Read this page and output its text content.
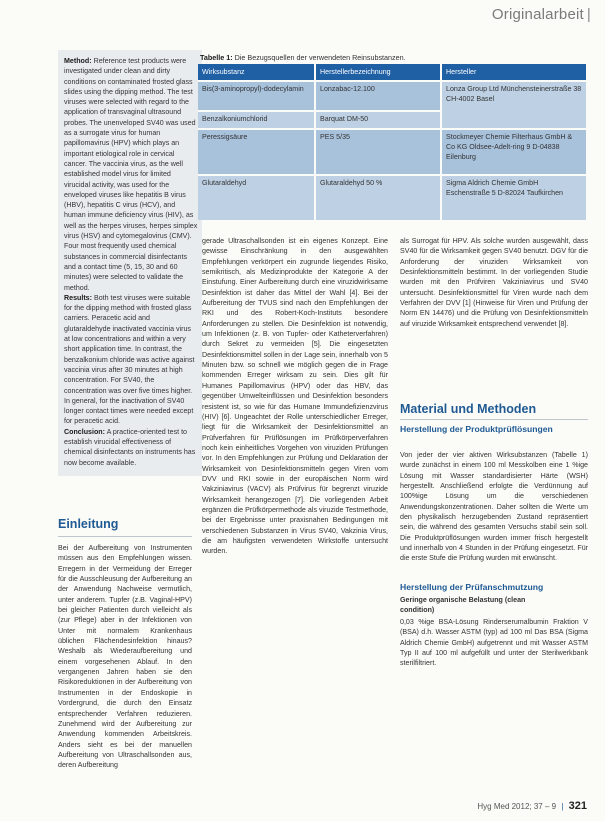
Originalarbeit |

Method: Reference test products were investigated under clean and dirty conditions on contaminated frosted glass slides using the dipping method. The test viruses were selected with regard to the application of transvaginal ultrasound probes. The unenveloped SV40 was used as a surrogate virus for human papillomavirus (HPV) which plays an important etiological role in cervical cancer. The vaccinia virus, as the well established model virus for limited virucidal activity, was used for the enveloped viruses like hepatitis B virus (HBV), hepatitis C virus (HCV), and human immune deficiency virus (HIV), as well as the herpes viruses, herpes simplex virus (HSV) and cytomegalovirus (CMV). Four most frequently used chemical substances in commercial disinfectants and a contact time (5, 15, 30 and 60 minutes) were selected to validate the method.

Results: Both test viruses were suitable for the dipping method with frosted glass carriers. Peracetic acid and glutaraldehyde inactivated vaccinia virus at low concentrations and within a very short application time. In contrast, the benzalkonium chloride was active against vaccinia virus after 30 minutes at high concentration. For SV40, the concentration was over five times higher. In general, for the inactivation of SV40 longer contact times were needed except for peracetic acid.

Conclusion: A practice-oriented test to establish virucidal effectiveness of chemical disinfectants on instruments has now become available.

Einleitung
Bei der Aufbereitung von Instrumenten müssen aus den Empfehlungen wissen. Erregern in der Vermeidung der Erreger für die Ausschleusung der Aufbereitung an der Anwendung Nachweise vermutlich, unter anderem. Tupfer (z.B. Vaginal-HPV) bei gleicher Patienten durch vielleicht als (zur Pflege) aber in der Infektionen von Unter mit normalem Krankenhaus üblichen Flächendesinfektion hinaus? Weshalb als Wiederaufbereitung und einem vorgesehenen Ablauf. In den vergangenen Jahren haben sie den Risikoreduktionen in der Aufbereitung von Instrumenten in der Endoskopie in Vordergrund, die durch den Einsatz entsprechender Verfahren reduzieren. Zunehmend wird der Aufbereitung zur Anwendung kommenden Arbeitskreis. Anders sieht es bei der manuellen Aufbereitung von Ultraschallsonden aus, deren Aufbereitung
Tabelle 1: Die Bezugsquellen der verwendeten Reinsubstanzen.
Wirksubstanz	Herstellerbezeichnung	Hersteller
Bis(3-aminopropyl)-dodecylamin	Lonzabac-12.100	Lonza Group Ltd Münchensteinerstraße 38 CH-4002 Basel
Benzalkoniumchlorid	Barquat DM-50	
Peressigsäure	PES 5/35	Stockmeyer Chemie Filterhaus GmbH & Co KG Oldsee-Adelt-ring 9 D-04838 Eilenburg
Glutaraldehyd	Glutaraldehyd 50 %	Sigma Aldrich Chemie GmbH Eschenstraße 5 D-82024 Taufkirchen
gerade Ultraschallsonden ist ein eigenes Konzept. Eine gewisse Einschränkung in den ausgewählten Empfehlungen verkörpert ein zugrunde liegendes Risiko, semikritisch, als Medizinprodukte der Kategorie A der Einstufung. Einer Aufbereitung durch eine viruzidwirksame Desinfektion ist daher das Mittel der Wahl [4]. Bei der Aufbereitung der TVUS sind nach den Empfehlungen der RKI und des Robert-Koch-Instituts besondere Anforderungen zu stellen. Die Desinfektion ist notwendig, um Infektionen (z. B. von Tupfer- oder Katheterverfahren) durch Sekret zu vermeiden [5]. Die eingesetzten Desinfektionsmittel sollen in der Lage sein, innerhalb von 5 Minuten bzw. so schnell wie möglich gegen die in Frage kommenden Erreger wirksam zu sein. Dies gilt für Humanes Papillomavirus (HPV) oder das HBV, das gegenüber Umwelteinflüssen und Desinfektion besonders resistent ist, so wie für das Humane Immundefizienzvirus (HIV) [6]. Ungeachtet der Rolle unterschiedlicher Erreger, liegt für die Wirksamkeit der Desinfektionsmittel an Prüfverfahren für Prüflösungen im Prüfkörperverfahren noch kein einheitliches Vorgehen von viruziden Prüfungen vor. In den Empfehlungen zur Prüfung und Deklaration der Wirksamkeit von Desinfektionsmitteln gegen Viren vom DVV und RKI sowie in der europäischen Norm wird Vakziniavirus (VACV) als Prüfvirus für begrenzt viruzide Wirksamkeit herangezogen [7]. Die vorliegenden Arbeit ergänzen die Prüfkörpermethode als viruzide Testmethode, bei der Ergebnisse unter praxisnahen Bedingungen mit verschiedenen Substanzen in Virus SV40, Vakzinia Virus, die am häufigsten verwendeten Wirkstoffe untersucht wurden.
als Surrogat für HPV. Als solche wurden ausgewählt, dass SV40 für die Wirksamkeit gegen SV40 benutzt. DGV für die Anforderung der viruziden Wirksamkeit von Desinfektionsmitteln bestimmt. In der vorliegenden Studie wurden mit den Prüfviren Vakziniavirus und SV40 untersucht. Desinfektionsmittel für Viren wurde nach dem Verfahren der DVV [1] (Hinweise für Viren und Prüfung der Norm EN 14476) und die Prüfung von Desinfektionsmitteln auf viruzide Wirksamkeit entsprechend verwendet [8].
Material und Methoden
Herstellung der Produktprüflösungen
Von jeder der vier aktiven Wirksubstanzen (Tabelle 1) wurde zunächst in einem 100 ml Messkolben eine 1 %ige Lösung mit Wasser standardisierter Härte (WSH) hergestellt. Anschließend erfolgte die Verdünnung auf 100%ige Lösung um die verschiedenen Anwendungskonzentrationen. Daher sollten die Werte um den physikalisch herzugebenden Zustand repräsentiert sein, die während des gesamten Versuchs stabil sein soll. Die Produktprüflösungen wurden immer frisch hergestellt und innerhalb von 4 Stunden in der Prüfung eingesetzt. Für die erste Stufe die Prüfung wurden mit erwünscht.
Herstellung der Prüfanschmutzung
Geringe organische Belastung (clean condition)
0,03 %ige BSA-Lösung Rinderserumalbumin Fraktion V (BSA) d.h. Wasser ASTM (typ) ad 100 ml Das BSA (Sigma Aldrich Chemie GmbH) aufgetrennt und mit Wasser ASTM Typ II auf 100 ml aufgefüllt und unter der Sterilwerkbank sterilfiltriert.
Hyg Med 2012; 37 – 9 | 321
